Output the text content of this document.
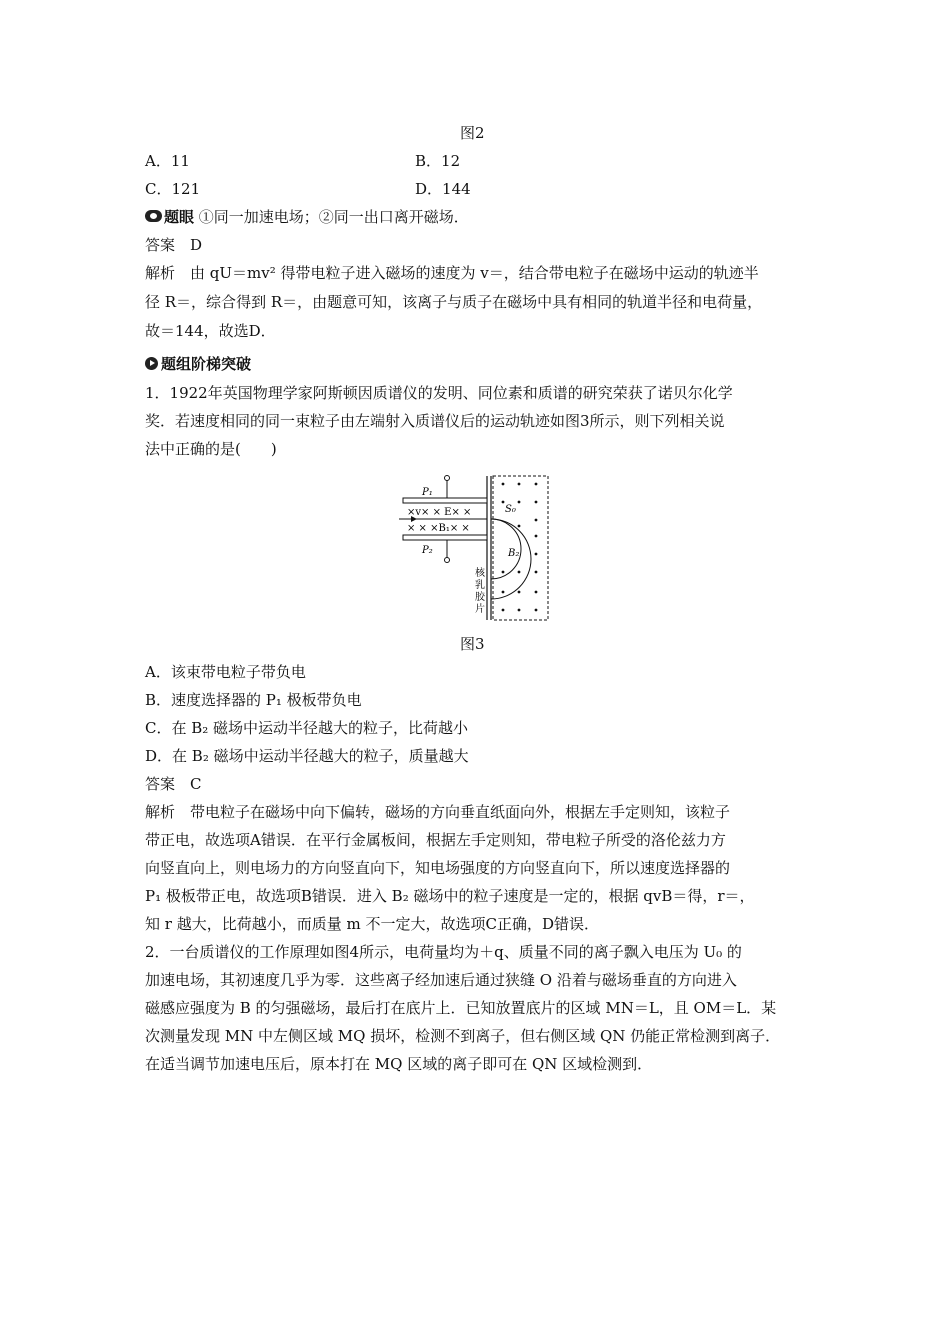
图2
A．11	B．12
C．121	D．144
题眼 ①同一加速电场；②同一出口离开磁场．
答案　D
解析　由 qU＝mv² 得带电粒子进入磁场的速度为 v＝，结合带电粒子在磁场中运动的轨迹半
径 R＝，综合得到 R＝，由题意可知，该离子与质子在磁场中具有相同的轨道半径和电荷量，
故＝144，故选D．
题组阶梯突破
1．1922年英国物理学家阿斯顿因质谱仪的发明、同位素和质谱的研究荣获了诺贝尔化学
奖．若速度相同的同一束粒子由左端射入质谱仪后的运动轨迹如图3所示，则下列相关说
法中正确的是(　　)
P₁
P₂
×v× × E× ×
× × ×B₁× ×
S₀
B₂
核
乳
胶
片
图3
A．该束带电粒子带负电
B．速度选择器的 P₁ 极板带负电
C．在 B₂ 磁场中运动半径越大的粒子，比荷越小
D．在 B₂ 磁场中运动半径越大的粒子，质量越大
答案　C
解析　带电粒子在磁场中向下偏转，磁场的方向垂直纸面向外，根据左手定则知，该粒子
带正电，故选项A错误．在平行金属板间，根据左手定则知，带电粒子所受的洛伦兹力方
向竖直向上，则电场力的方向竖直向下，知电场强度的方向竖直向下，所以速度选择器的
P₁ 极板带正电，故选项B错误．进入 B₂ 磁场中的粒子速度是一定的，根据 qvB＝得，r＝，
知 r 越大，比荷越小，而质量 m 不一定大，故选项C正确，D错误．
2．一台质谱仪的工作原理如图4所示，电荷量均为＋q、质量不同的离子飘入电压为 U₀ 的
加速电场，其初速度几乎为零．这些离子经加速后通过狭缝 O 沿着与磁场垂直的方向进入
磁感应强度为 B 的匀强磁场，最后打在底片上．已知放置底片的区域 MN＝L，且 OM＝L．某
次测量发现 MN 中左侧区域 MQ 损坏，检测不到离子，但右侧区域 QN 仍能正常检测到离子．
在适当调节加速电压后，原本打在 MQ 区域的离子即可在 QN 区域检测到．
